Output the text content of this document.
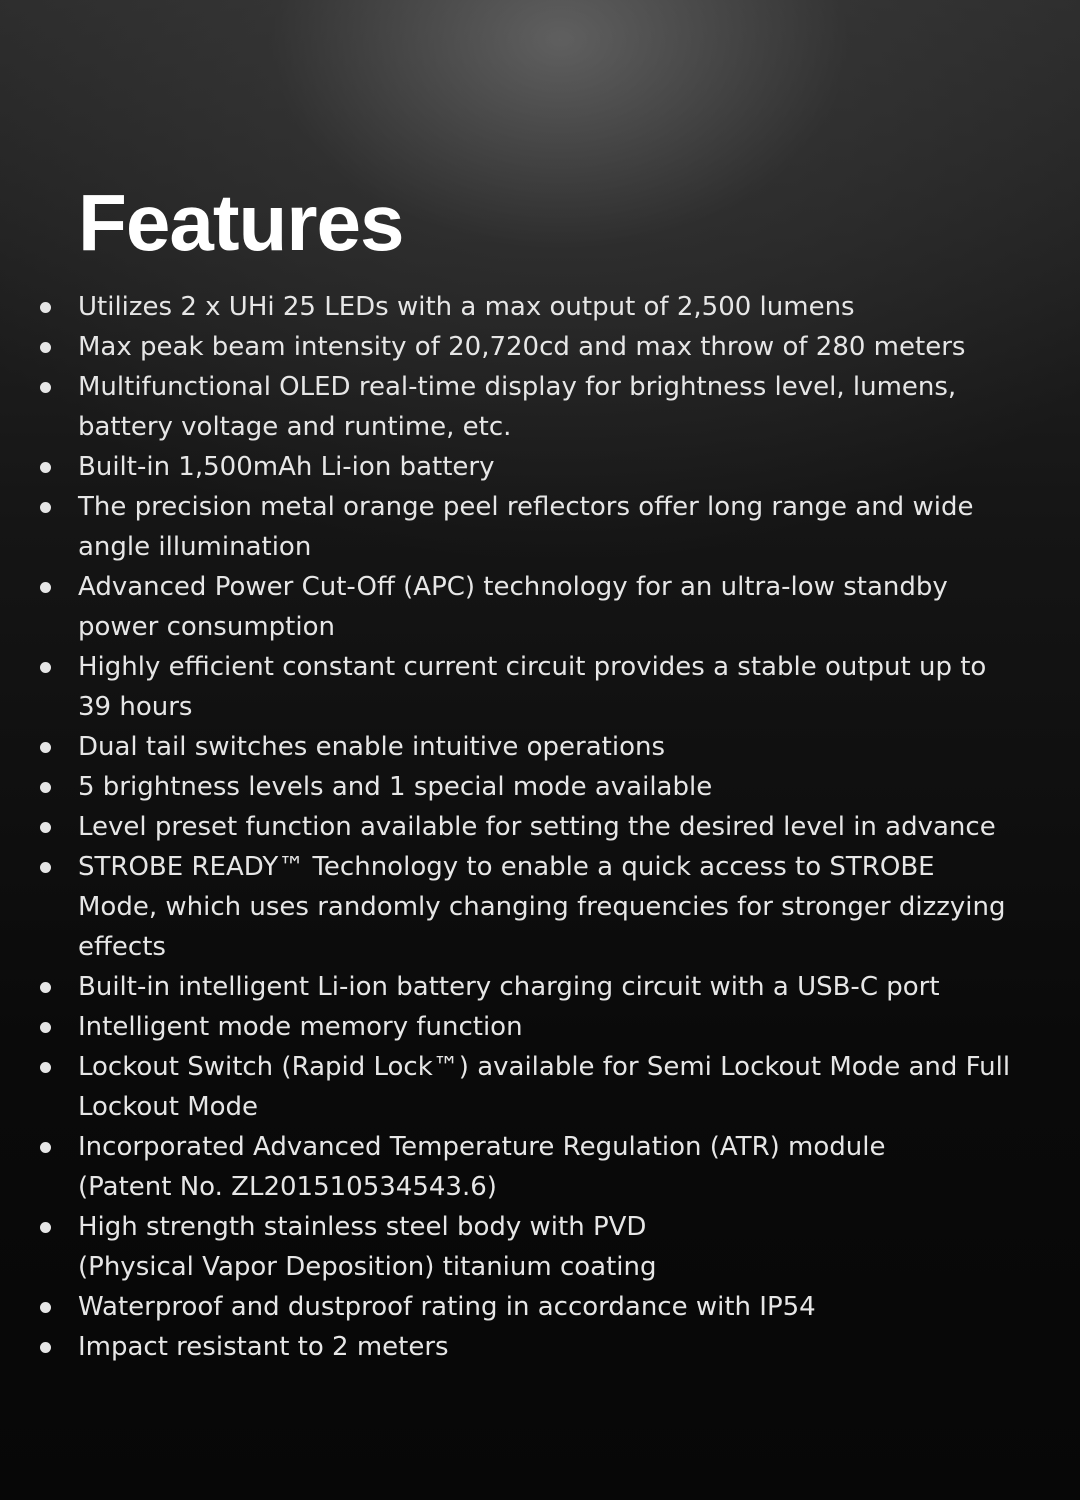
Features
Utilizes 2 x UHi 25 LEDs with a max output of 2,500 lumens
Max peak beam intensity of 20,720cd and max throw of 280 meters
Multifunctional OLED real-time display for brightness level, lumens,
battery voltage and runtime, etc.
Built-in 1,500mAh Li-ion battery
The precision metal orange peel reflectors offer long range and wide
angle illumination
Advanced Power Cut-Off (APC) technology for an ultra-low standby
power consumption
Highly efficient constant current circuit provides a stable output up to
39 hours
Dual tail switches enable intuitive operations
5 brightness levels and 1 special mode available
Level preset function available for setting the desired level in advance
STROBE READY™ Technology to enable a quick access to STROBE
Mode, which uses randomly changing frequencies for stronger dizzying
effects
Built-in intelligent Li-ion battery charging circuit with a USB-C port
Intelligent mode memory function
Lockout Switch (Rapid Lock™) available for Semi Lockout Mode and Full
Lockout Mode
Incorporated Advanced Temperature Regulation (ATR) module
(Patent No. ZL201510534543.6)
High strength stainless steel body with PVD
(Physical Vapor Deposition) titanium coating
Waterproof and dustproof rating in accordance with IP54
Impact resistant to 2 meters
